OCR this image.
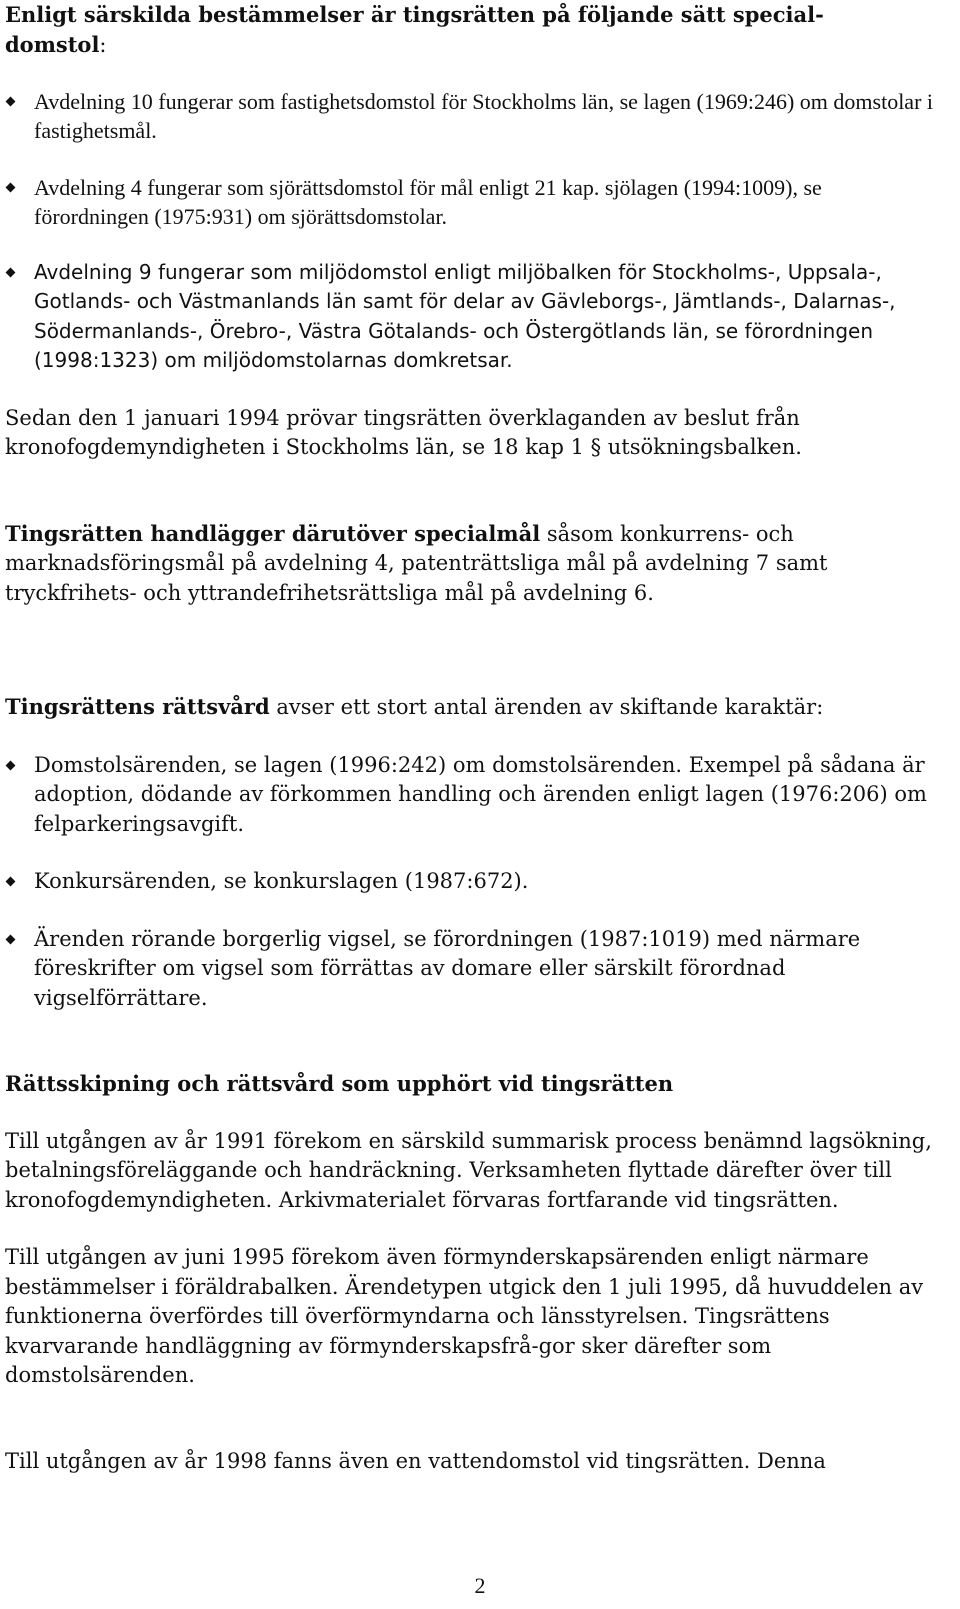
Enligt särskilda bestämmelser är tingsrätten på följande sätt special-
domstol:

Avdelning 10 fungerar som fastighetsdomstol för Stockholms län, se lagen (1969:246) om domstolar i fastighetsmål.

Avdelning 4 fungerar som sjörättsdomstol för mål enligt 21 kap. sjölagen (1994:1009), se förordningen (1975:931) om sjörättsdomstolar.

Avdelning 9 fungerar som miljödomstol enligt miljöbalken för Stockholms-, Uppsala-, Gotlands- och Västmanlands län samt för delar av Gävleborgs-, Jämtlands-, Dalarnas-, Södermanlands-, Örebro-, Västra Götalands- och Östergötlands län, se förordningen (1998:1323) om miljödomstolarnas domkretsar.

Sedan den 1 januari 1994 prövar tingsrätten överklaganden av beslut från kronofogdemyndigheten i Stockholms län, se 18 kap 1 § utsökningsbalken.

Tingsrätten handlägger därutöver specialmål såsom konkurrens- och marknadsföringsmål på avdelning 4, patenträttsliga mål på avdelning 7 samt tryckfrihets- och yttrandefrihetsrättsliga mål på avdelning 6.

Tingsrättens rättsvård avser ett stort antal ärenden av skiftande karaktär:

Domstolsärenden, se lagen (1996:242) om domstolsärenden. Exempel på sådana är adoption, dödande av förkommen handling och ärenden enligt lagen (1976:206) om felparkeringsavgift.

Konkursärenden, se konkurslagen (1987:672).

Ärenden rörande borgerlig vigsel, se förordningen (1987:1019) med närmare föreskrifter om vigsel som förrättas av domare eller särskilt förordnad vigselförrättare.

Rättsskipning och rättsvård som upphört vid tingsrätten

Till utgången av år 1991 förekom en särskild summarisk process benämnd lagsökning, betalningsföreläggande och handräckning. Verksamheten flyttade därefter över till kronofogdemyndigheten. Arkivmaterialet förvaras fortfarande vid tingsrätten.

Till utgången av juni 1995 förekom även förmynderskapsärenden enligt närmare bestämmelser i föräldrabalken. Ärendetypen utgick den 1 juli 1995, då huvuddelen av funktionerna överfördes till överförmyndarna och länsstyrelsen. Tingsrättens kvarvarande handläggning av förmynderskapsfrå-gor sker därefter som domstolsärenden.

Till utgången av år 1998 fanns även en vattendomstol vid tingsrätten. Denna

2
